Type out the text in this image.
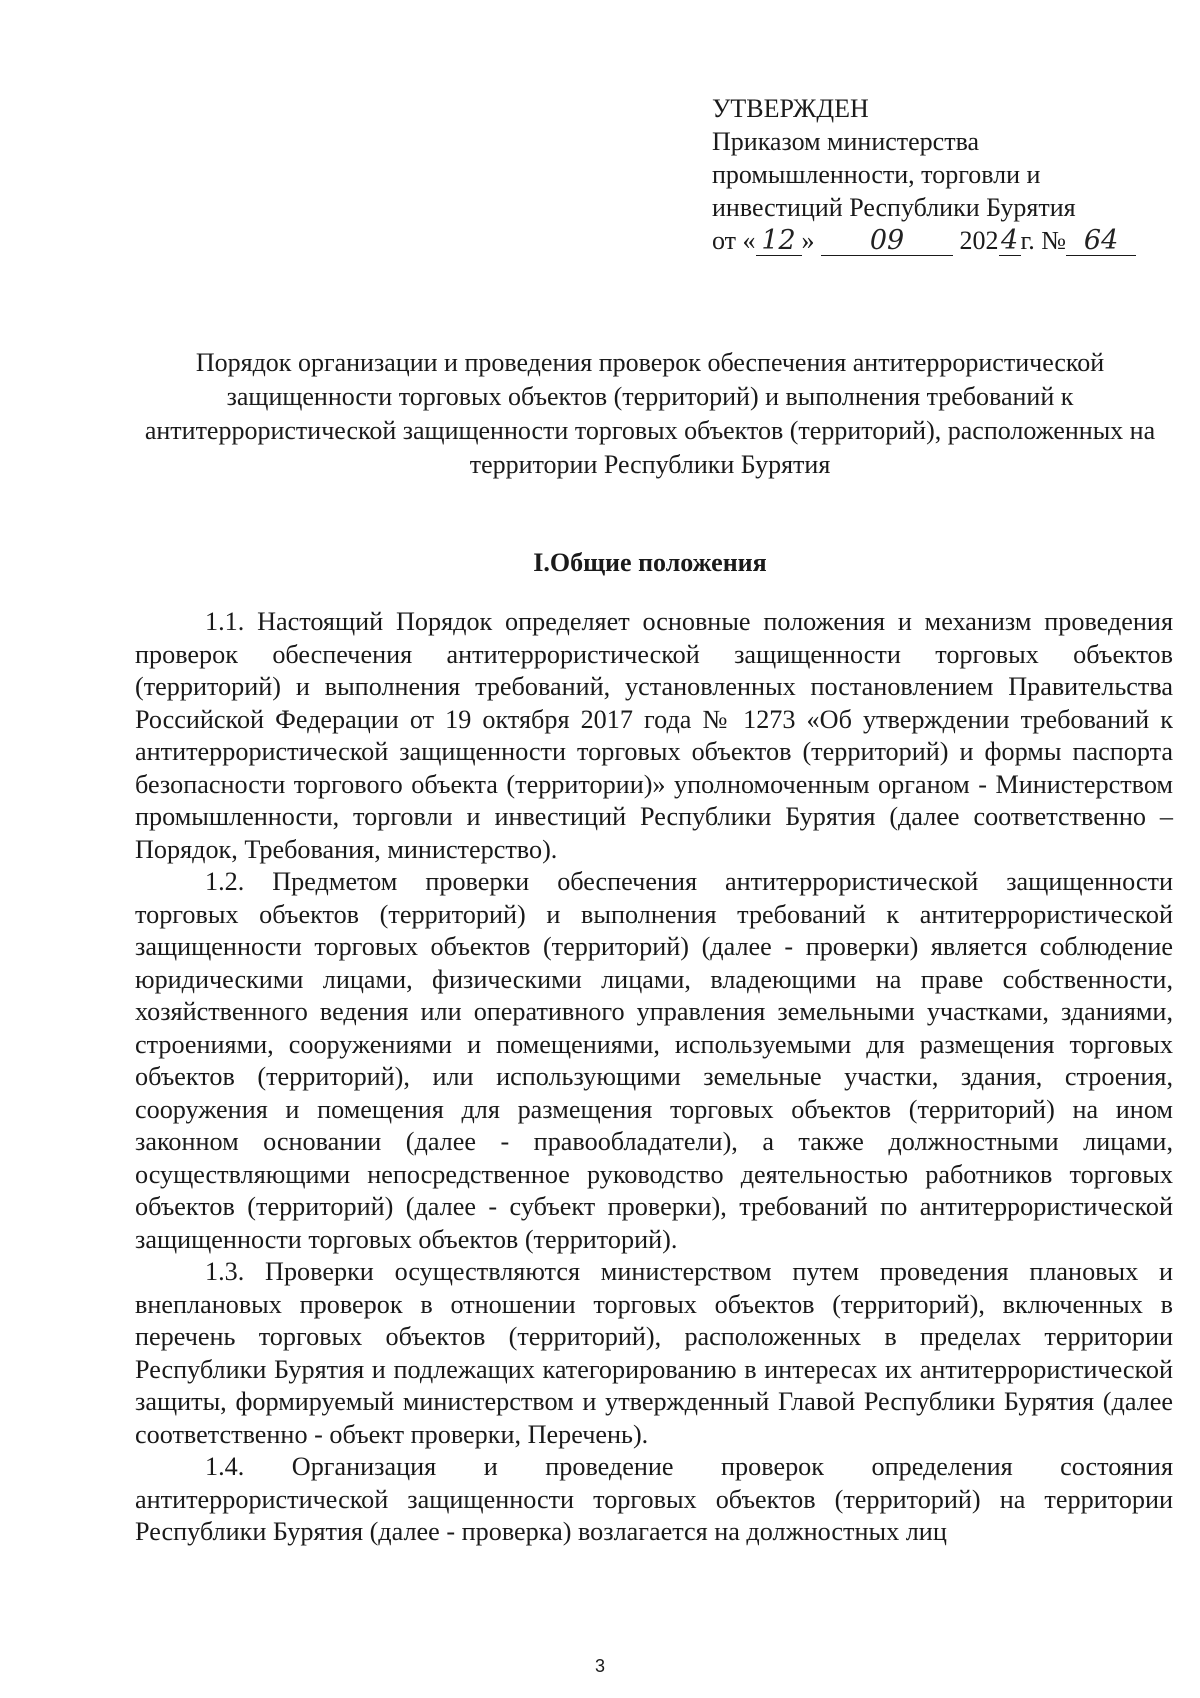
УТВЕРЖДЕН
Приказом министерства
промышленности, торговли и
инвестиций Республики Бурятия
от « 12 » 09 2024г. № 64
Порядок организации и проведения проверок обеспечения антитеррористической защищенности торговых объектов (территорий) и выполнения требований к антитеррористической защищенности торговых объектов (территорий), расположенных на территории Республики Бурятия
I.Общие положения

1.1. Настоящий Порядок определяет основные положения и механизм проведения проверок обеспечения антитеррористической защищенности торговых объектов (территорий) и выполнения требований, установленных постановлением Правительства Российской Федерации от 19 октября 2017 года № 1273 «Об утверждении требований к антитеррористической защищенности торговых объектов (территорий) и формы паспорта безопасности торгового объекта (территории)» уполномоченным органом - Министерством промышленности, торговли и инвестиций Республики Бурятия (далее соответственно – Порядок, Требования, министерство).

1.2. Предметом проверки обеспечения антитеррористической защищенности торговых объектов (территорий) и выполнения требований к антитеррористической защищенности торговых объектов (территорий) (далее - проверки) является соблюдение юридическими лицами, физическими лицами, владеющими на праве собственности, хозяйственного ведения или оперативного управления земельными участками, зданиями, строениями, сооружениями и помещениями, используемыми для размещения торговых объектов (территорий), или использующими земельные участки, здания, строения, сооружения и помещения для размещения торговых объектов (территорий) на ином законном основании (далее - правообладатели), а также должностными лицами, осуществляющими непосредственное руководство деятельностью работников торговых объектов (территорий) (далее - субъект проверки), требований по антитеррористической защищенности торговых объектов (территорий).

1.3. Проверки осуществляются министерством путем проведения плановых и внеплановых проверок в отношении торговых объектов (территорий), включенных в перечень торговых объектов (территорий), расположенных в пределах территории Республики Бурятия и подлежащих категорированию в интересах их антитеррористической защиты, формируемый министерством и утвержденный Главой Республики Бурятия (далее соответственно - объект проверки, Перечень).

1.4. Организация и проведение проверок определения состояния антитеррористической защищенности торговых объектов (территорий) на территории Республики Бурятия (далее - проверка) возлагается на должностных лиц

3
